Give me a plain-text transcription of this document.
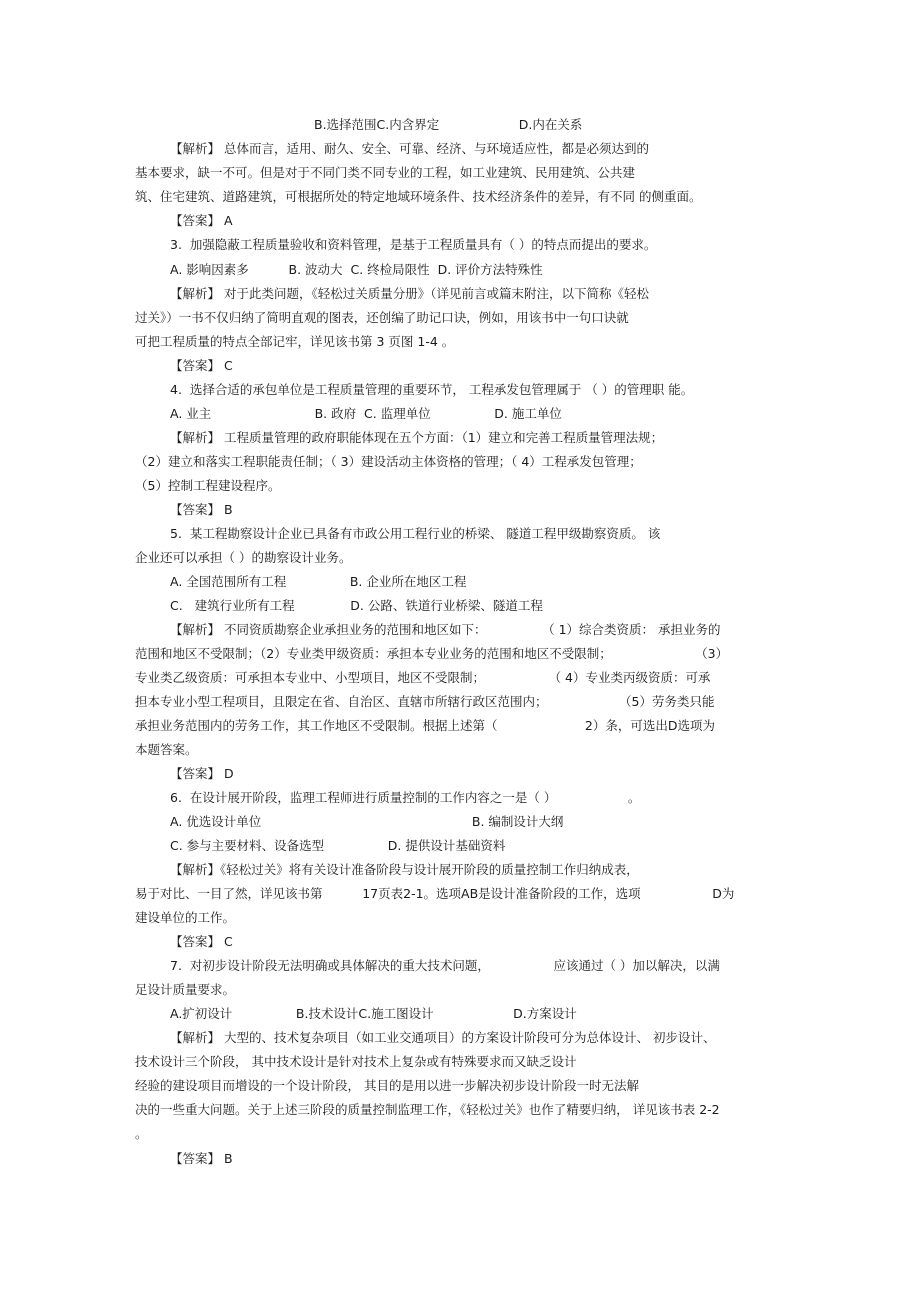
B.选择范围C.内含界定                    D.内在关系
【解析】 总体而言，适用、耐久、安全、可靠、经济、与环境适应性，都是必须达到的
基本要求，缺一不可。但是对于不同门类不同专业的工程，如工业建筑、民用建筑、公共建
筑、住宅建筑、道路建筑，可根据所处的特定地域环境条件、技术经济条件的差异，有不同 的侧重面。
【答案】 A
3.  加强隐蔽工程质量验收和资料管理，是基于工程质量具有（ ）的特点而提出的要求。
A. 影响因素多          B. 波动大  C. 终检局限性  D. 评价方法特殊性
【解析】 对于此类问题，《轻松过关质量分册》（详见前言或篇末附注，以下简称《轻松
过关》）一书不仅归纳了简明直观的图表，还创编了助记口诀，例如，用该书中一句口诀就
可把工程质量的特点全部记牢，详见该书第 3 页图 1-4 。
【答案】 C
4.  选择合适的承包单位是工程质量管理的重要环节， 工程承发包管理属于 （ ）的管理职 能。
A. 业主                          B. 政府  C. 监理单位                D. 施工单位
【解析】 工程质量管理的政府职能体现在五个方面：（1）建立和完善工程质量管理法规；
（2）建立和落实工程职能责任制；（ 3）建设活动主体资格的管理；（ 4）工程承发包管理；
（5）控制工程建设程序。
【答案】 B
5.  某工程勘察设计企业已具备有市政公用工程行业的桥梁、 隧道工程甲级勘察资质。 该
企业还可以承担（ ）的勘察设计业务。
A. 全国范围所有工程                B. 企业所在地区工程
C.   建筑行业所有工程              D. 公路、铁道行业桥梁、隧道工程
【解析】 不同资质勘察企业承担业务的范围和地区如下：              （ 1）综合类资质： 承担业务的
范围和地区不受限制；（2）专业类甲级资质：承担本专业业务的范围和地区不受限制；                     （3）
专业类乙级资质：可承担本专业中、小型项目，地区不受限制；                （ 4）专业类丙级资质：可承
担本专业小型工程项目，且限定在省、自治区、直辖市所辖行政区范围内；                  （5）劳务类只能
承担业务范围内的劳务工作，其工作地区不受限制。根据上述第（                      2）条，可选出D选项为
本题答案。
【答案】 D
6.  在设计展开阶段，监理工程师进行质量控制的工作内容之一是（ ）                  。
A. 优选设计单位                                                     B. 编制设计大纲
C. 参与主要材料、设备选型                D. 提供设计基础资料
【解析】《轻松过关》将有关设计准备阶段与设计展开阶段的质量控制工作归纳成表，
易于对比、一目了然，详见该书第          17页表2-1。选项AB是设计准备阶段的工作，选项                  D为
建设单位的工作。
【答案】 C
7.  对初步设计阶段无法明确或具体解决的重大技术问题，                应该通过（ ）加以解决，以满
足设计质量要求。
A.扩初设计                B.技术设计C.施工图设计                    D.方案设计
【解析】 大型的、技术复杂项目（如工业交通项目）的方案设计阶段可分为总体设计、 初步设计、
技术设计三个阶段， 其中技术设计是针对技术上复杂或有特殊要求而又缺乏设计
经验的建设项目而增设的一个设计阶段， 其目的是用以进一步解决初步设计阶段一时无法解
决的一些重大问题。关于上述三阶段的质量控制监理工作，《轻松过关》也作了精要归纳， 详见该书表 2-2
。
【答案】 B
